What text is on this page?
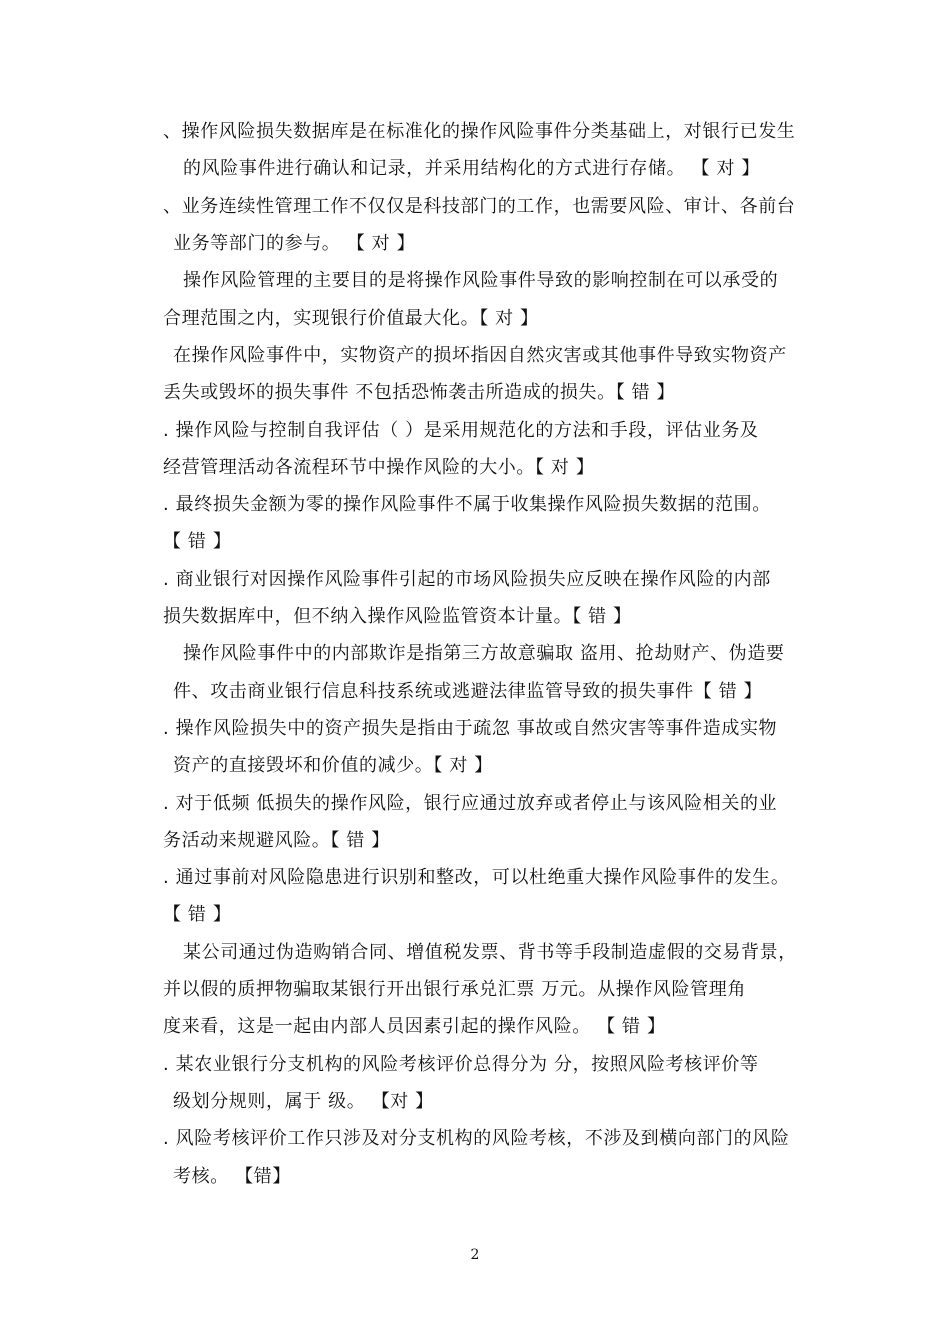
、操作风险损失数据库是在标准化的操作风险事件分类基础上，对银行已发生
的风险事件进行确认和记录，并采用结构化的方式进行存储。 【 对 】
、业务连续性管理工作不仅仅是科技部门的工作，也需要风险、审计、各前台
业务等部门的参与。 【 对 】
操作风险管理的主要目的是将操作风险事件导致的影响控制在可以承受的
合理范围之内，实现银行价值最大化。【 对 】
在操作风险事件中，实物资产的损坏指因自然灾害或其他事件导致实物资产
丢失或毁坏的损失事件 不包括恐怖袭击所造成的损失。【 错 】
. 操作风险与控制自我评估（ ）是采用规范化的方法和手段，评估业务及
经营管理活动各流程环节中操作风险的大小。【 对 】
. 最终损失金额为零的操作风险事件不属于收集操作风险损失数据的范围。
【 错 】
. 商业银行对因操作风险事件引起的市场风险损失应反映在操作风险的内部
损失数据库中，但不纳入操作风险监管资本计量。【 错 】
操作风险事件中的内部欺诈是指第三方故意骗取 盗用、抢劫财产、伪造要
件、攻击商业银行信息科技系统或逃避法律监管导致的损失事件【 错 】
. 操作风险损失中的资产损失是指由于疏忽 事故或自然灾害等事件造成实物
资产的直接毁坏和价值的减少。【 对 】
. 对于低频 低损失的操作风险，银行应通过放弃或者停止与该风险相关的业
务活动来规避风险。【 错 】
. 通过事前对风险隐患进行识别和整改，可以杜绝重大操作风险事件的发生。
【 错 】
某公司通过伪造购销合同、增值税发票、背书等手段制造虚假的交易背景，
并以假的质押物骗取某银行开出银行承兑汇票 万元。从操作风险管理角
度来看，这是一起由内部人员因素引起的操作风险。 【 错 】
. 某农业银行分支机构的风险考核评价总得分为 分，按照风险考核评价等
级划分规则，属于 级。 【对 】
. 风险考核评价工作只涉及对分支机构的风险考核，不涉及到横向部门的风险
考核。 【错】
2
